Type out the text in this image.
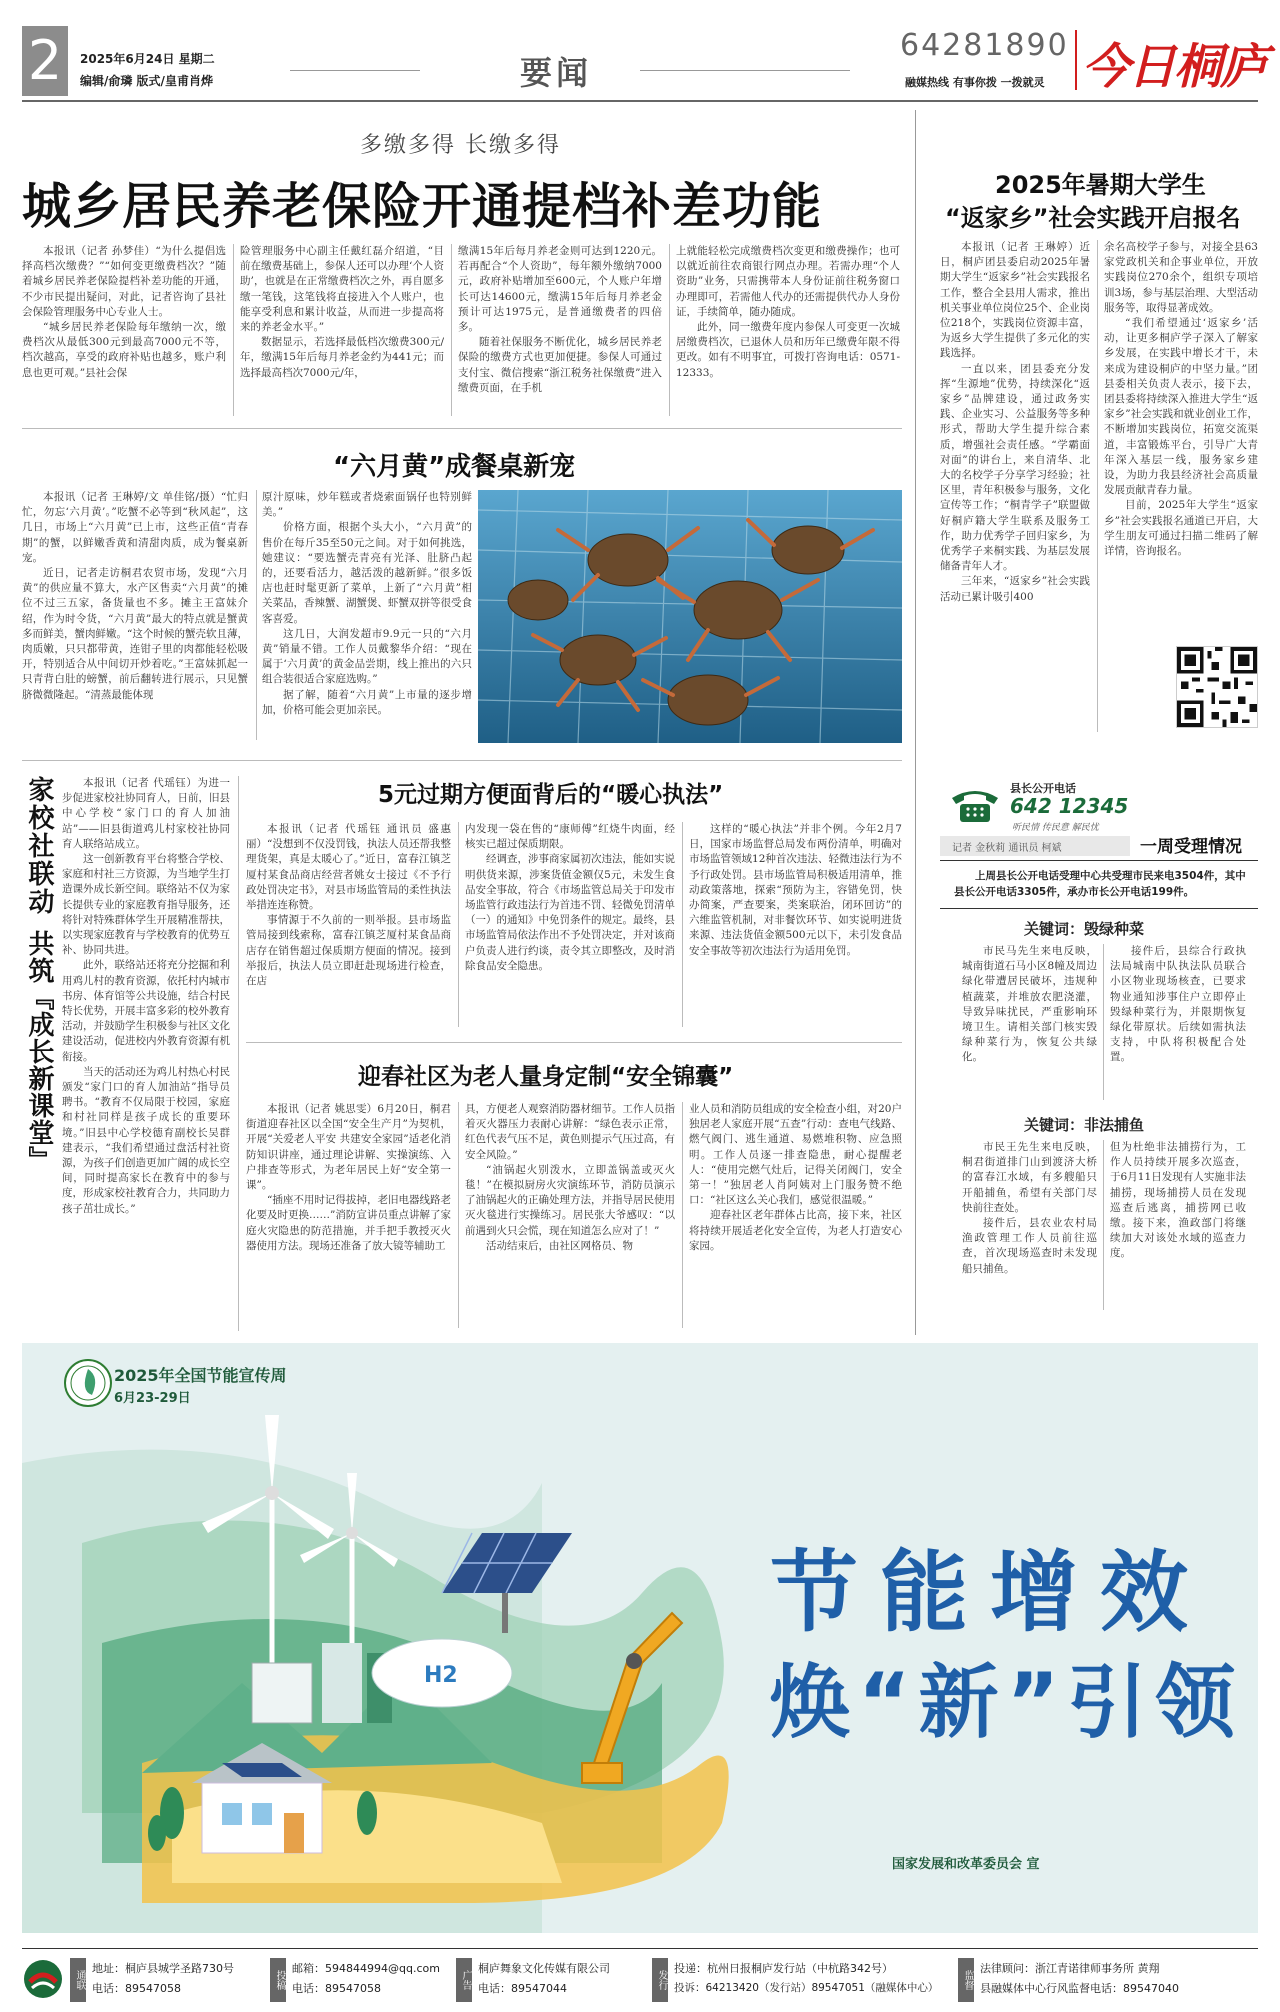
2	2025年6月24日 星期二
编辑/俞璘 版式/皇甫肖烨	要闻
64281890
融媒热线 有事你拨 一拨就灵 今日桐庐
多缴多得 长缴多得
城乡居民养老保险开通提档补差功能

本报讯（记者 孙梦佳）“为什么提倡选择高档次缴费？”“如何变更缴费档次？”随着城乡居民养老保险提档补差功能的开通，不少市民提出疑问，对此，记者咨询了县社会保险管理服务中心专业人士。

“城乡居民养老保险每年缴纳一次，缴费档次从最低300元到最高7000元不等，档次越高，享受的政府补贴也越多，账户利息也更可观。”县社会保

险管理服务中心副主任戴红磊介绍道，“目前在缴费基础上，参保人还可以办理‘个人资助’，也就是在正常缴费档次之外，再自愿多缴一笔钱，这笔钱将直接进入个人账户，也能享受利息和累计收益，从而进一步提高将来的养老金水平。”

数据显示，若选择最低档次缴费300元/年，缴满15年后每月养老金约为441元；而选择最高档次7000元/年，

缴满15年后每月养老金则可达到1220元。若再配合“个人资助”，每年额外缴纳7000元，政府补贴增加至600元，个人账户年增长可达14600元，缴满15年后每月养老金预计可达1975元，是普通缴费者的四倍多。

随着社保服务不断优化，城乡居民养老保险的缴费方式也更加便捷。参保人可通过支付宝、微信搜索“浙江税务社保缴费”进入缴费页面，在手机

上就能轻松完成缴费档次变更和缴费操作；也可以就近前往农商银行网点办理。若需办理“个人资助”业务，只需携带本人身份证前往税务窗口办理即可，若需他人代办的还需提供代办人身份证，手续简单，随办随成。

此外，同一缴费年度内参保人可变更一次城居缴费档次，已退休人员和历年已缴费年限不得更改。如有不明事宜，可拨打咨询电话：0571-12333。

“六月黄”成餐桌新宠

本报讯（记者 王琳婷/文 单佳铭/摄）“忙归忙，勿忘‘六月黄’。”吃蟹不必等到“秋风起”，这几日，市场上“六月黄”已上市，这些正值“青春期”的蟹，以鲜嫩香黄和清甜肉质，成为餐桌新宠。

近日，记者走访桐君农贸市场，发现“六月黄”的供应量不算大，水产区售卖“六月黄”的摊位不过三五家，备货量也不多。摊主王富妹介绍，作为时令货，“六月黄”最大的特点就是蟹黄多而鲜美，蟹肉鲜嫩。“这个时候的蟹壳软且薄，肉质嫩，只只都带黄，连钳子里的肉都能轻松吸开，特别适合从中间切开炒着吃。”王富妹抓起一只青背白肚的螃蟹，前后翻转进行展示，只见蟹脐微微隆起。“清蒸最能体现

原汁原味，炒年糕或者烧索面锅仔也特别鲜美。”

价格方面，根据个头大小，“六月黄”的售价在每斤35至50元之间。对于如何挑选，她建议：“要选蟹壳青亮有光泽、肚脐凸起的，还要看活力，越活泼的越新鲜。”很多饭店也赶时髦更新了菜单，上新了“六月黄”相关菜品，香辣蟹、湖蟹煲、虾蟹双拼等很受食客喜爱。

这几日，大润发超市9.9元一只的“六月黄”销量不错。工作人员戴黎华介绍：“现在属于‘六月黄’的黄金品尝期，线上推出的六只组合装很适合家庭选购。”

据了解，随着“六月黄”上市量的逐步增加，价格可能会更加亲民。

家校社联动
共筑『成长新课堂』

本报讯（记者 代瑶钰）为进一步促进家校社协同育人，日前，旧县中心学校“家门口的育人加油站”——旧县街道鸡儿村家校社协同育人联络站成立。

这一创新教育平台将整合学校、家庭和村社三方资源，为当地学生打造课外成长新空间。联络站不仅为家长提供专业的家庭教育指导服务，还将针对特殊群体学生开展精准帮扶，以实现家庭教育与学校教育的优势互补、协同共进。

此外，联络站还将充分挖掘和利用鸡儿村的教育资源，依托村内城市书房、体育馆等公共设施，结合村民特长优势，开展丰富多彩的校外教育活动，并鼓励学生积极参与社区文化建设活动，促进校内外教育资源有机衔接。

当天的活动还为鸡儿村热心村民颁发“家门口的育人加油站”指导员聘书。“教育不仅局限于校园，家庭和村社同样是孩子成长的重要环境。”旧县中心学校德育副校长吴群建表示，“我们希望通过盘活村社资源，为孩子们创造更加广阔的成长空间，同时提高家长在教育中的参与度，形成家校社教育合力，共同助力孩子茁壮成长。”

5元过期方便面背后的“暖心执法”

本报讯（记者 代瑶钰 通讯员 盛惠丽）“没想到不仅没罚钱，执法人员还帮我整理货架，真是太暖心了。”近日，富春江镇芝厦村某食品商店经营者姚女士接过《不予行政处罚决定书》，对县市场监管局的柔性执法举措连连称赞。

事情源于不久前的一则举报。县市场监管局接到线索称，富春江镇芝厦村某食品商店存在销售超过保质期方便面的情况。接到举报后，执法人员立即赶赴现场进行检查，在店

内发现一袋在售的“康师傅”红烧牛肉面，经核实已超过保质期限。

经调查，涉事商家属初次违法，能如实说明供货来源，涉案货值金额仅5元，未发生食品安全事故，符合《市场监管总局关于印发市场监管行政违法行为首违不罚、轻微免罚清单（一）的通知》中免罚条件的规定。最终，县市场监管局依法作出不予处罚决定，并对该商户负责人进行约谈，责令其立即整改，及时消除食品安全隐患。

这样的“暖心执法”并非个例。今年2月7日，国家市场监督总局发布两份清单，明确对市场监管领域12种首次违法、轻微违法行为不予行政处罚。县市场监管局积极适用清单，推动政策落地，探索“预防为主，容错免罚，快办简案，严查要案，类案联治，闭环回访”的六维监管机制，对非餐饮环节、如实说明进货来源、违法货值金额500元以下，未引发食品安全事故等初次违法行为适用免罚。

迎春社区为老人量身定制“安全锦囊”

本报讯（记者 姚思雯）6月20日，桐君街道迎春社区以全国“安全生产月”为契机，开展“关爱老人平安 共建安全家园”适老化消防知识讲座，通过理论讲解、实操演练、入户排查等形式，为老年居民上好“安全第一课”。

“插座不用时记得拔掉，老旧电器线路老化要及时更换……”消防宣讲员重点讲解了家庭火灾隐患的防范措施，并手把手教授灭火器使用方法。现场还准备了放大镜等辅助工

具，方便老人观察消防器材细节。工作人员指着灭火器压力表耐心讲解：“绿色表示正常，红色代表气压不足，黄色则提示气压过高，有安全风险。”

“油锅起火别泼水，立即盖锅盖或灭火毯！”在模拟厨房火灾演练环节，消防员演示了油锅起火的正确处理方法，并指导居民使用灭火毯进行实操练习。居民张大爷感叹：“以前遇到火只会慌，现在知道怎么应对了！”

活动结束后，由社区网格员、物

业人员和消防员组成的安全检查小组，对20户独居老人家庭开展“五查”行动：查电气线路、燃气阀门、逃生通道、易燃堆积物、应急照明。工作人员逐一排查隐患，耐心提醒老人：“使用完燃气灶后，记得关闭阀门，安全第一！”独居老人肖阿姨对上门服务赞不绝口：“社区这么关心我们，感觉很温暖。”

迎春社区老年群体占比高，接下来，社区将持续开展适老化安全宣传，为老人打造安心家园。

2025年暑期大学生
“返家乡”社会实践开启报名

本报讯（记者 王琳婷）近日，桐庐团县委启动2025年暑期大学生“返家乡”社会实践报名工作，整合全县用人需求，推出机关事业单位岗位25个、企业岗位218个，实践岗位资源丰富，为返乡大学生提供了多元化的实践选择。

一直以来，团县委充分发挥“生源地”优势，持续深化“返家乡”品牌建设，通过政务实践、企业实习、公益服务等多种形式，帮助大学生提升综合素质，增强社会责任感。“学霸面对面”的讲台上，来自清华、北大的名校学子分享学习经验；社区里，青年积极参与服务，文化宣传等工作；“桐青学子”联盟做好桐庐籍大学生联系及服务工作，助力优秀学子回归家乡，为优秀学子来桐实践、为基层发展储备青年人才。

三年来，“返家乡”社会实践活动已累计吸引400

余名高校学子参与，对接全县63家党政机关和企事业单位，开放实践岗位270余个，组织专项培训3场，参与基层治理、大型活动服务等，取得显著成效。

“我们希望通过‘返家乡’活动，让更多桐庐学子深入了解家乡发展，在实践中增长才干，未来成为建设桐庐的中坚力量。”团县委相关负责人表示，接下去，团县委将持续深入推进大学生“返家乡”社会实践和就业创业工作，不断增加实践岗位，拓宽交流渠道，丰富锻炼平台，引导广大青年深入基层一线，服务家乡建设，为助力我县经济社会高质量发展贡献青春力量。

目前，2025年大学生“返家乡”社会实践报名通道已开启，大学生朋友可通过扫描二维码了解详情，咨询报名。

县长公开电话
642 12345
听民情 传民意 解民忧
记者 金秋莉 通讯员 柯斌	一周受理情况
上周县长公开电话受理中心共受理市民来电3504件，其中县长公开电话3305件，承办市长公开电话199件。
关键词：毁绿种菜

市民马先生来电反映，城南街道石马小区8幢及周边绿化带遭居民破坏，违规种植蔬菜，并堆放农肥浇灌，导致异味扰民，严重影响环境卫生。请相关部门核实毁绿种菜行为，恢复公共绿化。

接件后，县综合行政执法局城南中队执法队员联合小区物业现场核查，已要求物业通知涉事住户立即停止毁绿种菜行为，并限期恢复绿化带原状。后续如需执法支持，中队将积极配合处置。

关键词：非法捕鱼

市民王先生来电反映，桐君街道排门山到渡济大桥的富春江水域，有多艘船只开船捕鱼，希望有关部门尽快前往查处。

接件后，县农业农村局渔政管理工作人员前往巡查，首次现场巡查时未发现船只捕鱼。

但为杜绝非法捕捞行为，工作人员持续开展多次巡查，于6月11日发现有人实施非法捕捞，现场捕捞人员在发现巡查后逃离，捕捞网已收缴。接下来，渔政部门将继续加大对该处水域的巡查力度。

2025年全国节能宣传周
6月23-29日
H2
节能增效
焕“新”引领
国家发展和改革委员会 宣
通联
地址：桐庐县城学圣路730号
电话：89547058	投稿
邮箱：594844994@qq.com
电话：89547058	广告
桐庐舞象文化传媒有限公司
电话：89547044	发行
投递：杭州日报桐庐发行站（中杭路342号）
投诉：64213420（发行站）89547051（融媒体中心）	监督
法律顾问：浙江青诺律师事务所 黄翔
县融媒体中心行风监督电话：89547040
